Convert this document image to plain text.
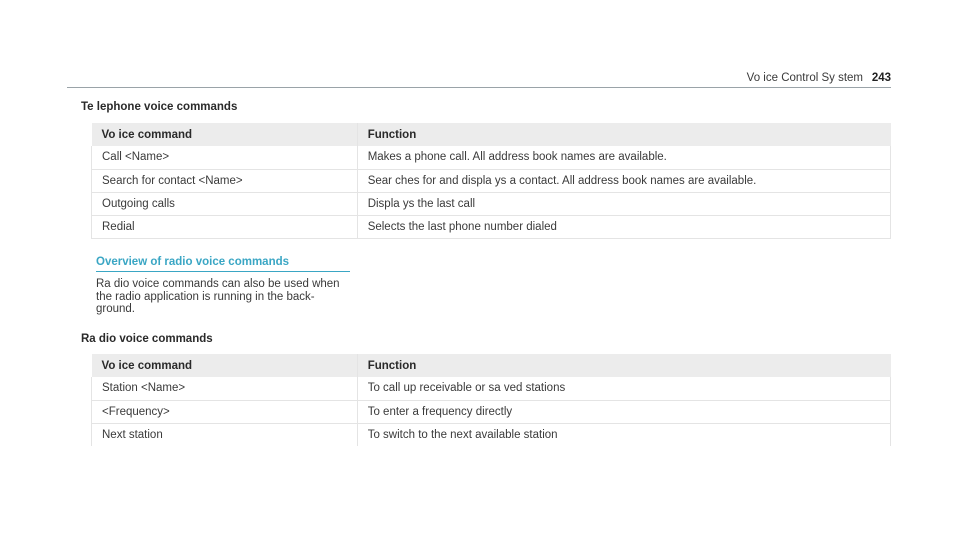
Vo ice Control Sy stem 243
Te lephone voice commands
Vo ice command	Function
Call <Name>	Makes a phone call. All address book names are available.
Search for contact <Name>	Sear ches for and displa ys a contact. All address book names are available.
Outgoing calls	Displa ys the last call
Redial	Selects the last phone number dialed
Overview of radio voice commands

Ra dio voice commands can also be used when
the radio application is running in the back-
ground.

Ra dio voice commands
Vo ice command	Function
Station <Name>	To call up receivable or sa ved stations
<Frequency>	To enter a frequency directly
Next station	To switch to the next available station
